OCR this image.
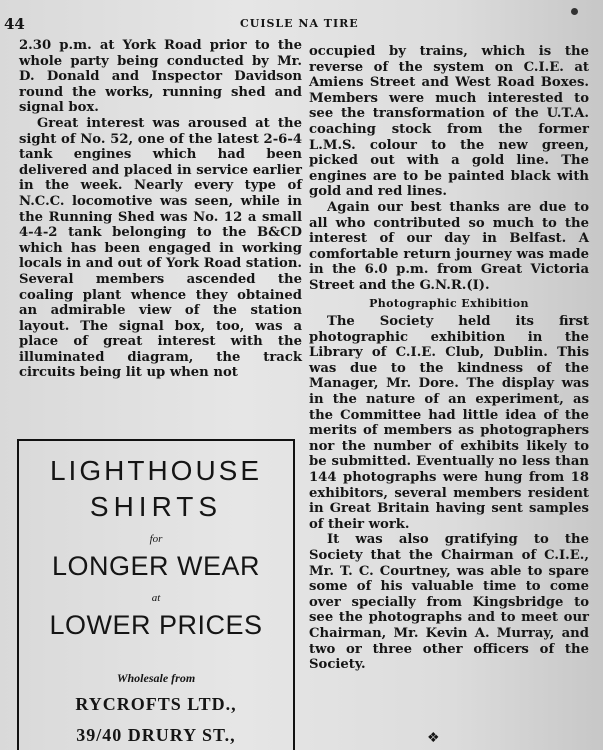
44	CUISLE NA TIRE

2.30 p.m. at York Road prior to the whole party being conducted by Mr. D. Donald and Inspector Davidson round the works, running shed and signal box.

Great interest was aroused at the sight of No. 52, one of the latest 2-6-4 tank engines which had been delivered and placed in service earlier in the week. Nearly every type of N.C.C. locomotive was seen, while in the Running Shed was No. 12 a small 4-4-2 tank belonging to the B&CD which has been engaged in working locals in and out of York Road station. Several members ascended the coaling plant whence they obtained an admirable view of the station layout. The signal box, too, was a place of great interest with the illuminated diagram, the track circuits being lit up when not

LIGHTHOUSE
SHIRTS
for
LONGER WEAR
at
LOWER PRICES
Wholesale from
RYCROFTS LTD.,
39/40 DRURY ST.,

occupied by trains, which is the reverse of the system on C.I.E. at Amiens Street and West Road Boxes. Members were much interested to see the transformation of the U.T.A. coaching stock from the former L.M.S. colour to the new green, picked out with a gold line. The engines are to be painted black with gold and red lines.

Again our best thanks are due to all who contributed so much to the interest of our day in Belfast. A comfortable return journey was made in the 6.0 p.m. from Great Victoria Street and the G.N.R.(I).

Photographic Exhibition

The Society held its first photographic exhibition in the Library of C.I.E. Club, Dublin. This was due to the kindness of the Manager, Mr. Dore. The display was in the nature of an experiment, as the Committee had little idea of the merits of members as photographers nor the number of exhibits likely to be submitted. Eventually no less than 144 photographs were hung from 18 exhibitors, several members resident in Great Britain having sent samples of their work.

It was also gratifying to the Society that the Chairman of C.I.E., Mr. T. C. Courtney, was able to spare some of his valuable time to come over specially from Kingsbridge to see the photographs and to meet our Chairman, Mr. Kevin A. Murray, and two or three other officers of the Society.

❖
